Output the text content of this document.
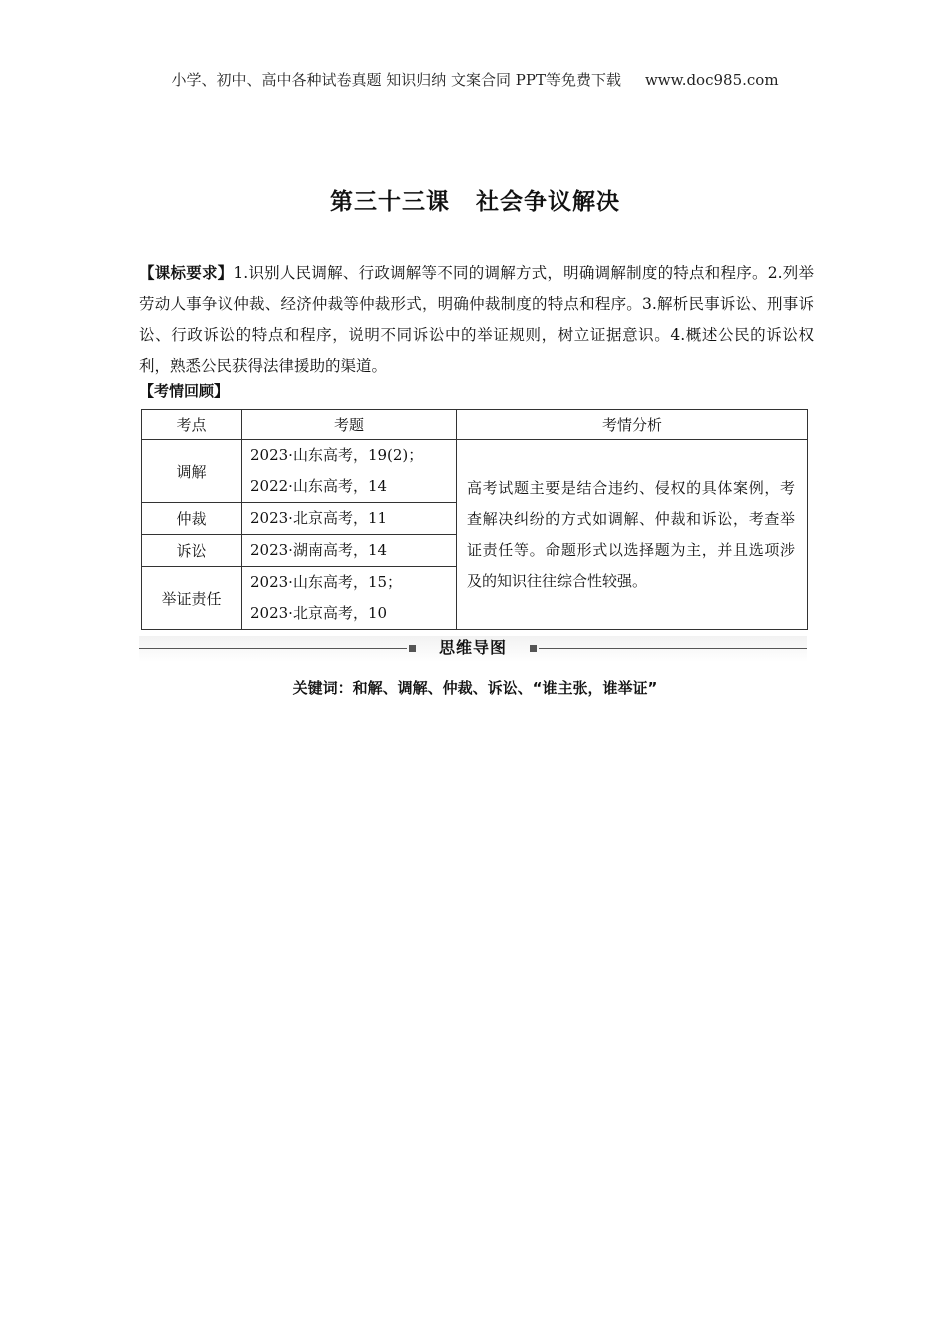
小学、初中、高中各种试卷真题 知识归纳 文案合同 PPT等免费下载 www.doc985.com
第三十三课 社会争议解决
【课标要求】1.识别人民调解、行政调解等不同的调解方式，明确调解制度的特点和程序。2.列举劳动人事争议仲裁、经济仲裁等仲裁形式，明确仲裁制度的特点和程序。3.解析民事诉讼、刑事诉讼、行政诉讼的特点和程序，说明不同诉讼中的举证规则，树立证据意识。4.概述公民的诉讼权利，熟悉公民获得法律援助的渠道。
【考情回顾】
考点	考题	考情分析
调解	2023·山东高考，19(2)；
2022·山东高考，14	高考试题主要是结合违约、侵权的具体案例，考查解决纠纷的方式如调解、仲裁和诉讼，考查举证责任等。命题形式以选择题为主，并且选项涉及的知识往往综合性较强。
仲裁	2023·北京高考，11	

诉讼	2023·湖南高考，14	

举证责任	2023·山东高考，15；
2023·北京高考，10	
思维导图
关键词：和解、调解、仲裁、诉讼、“谁主张，谁举证”
